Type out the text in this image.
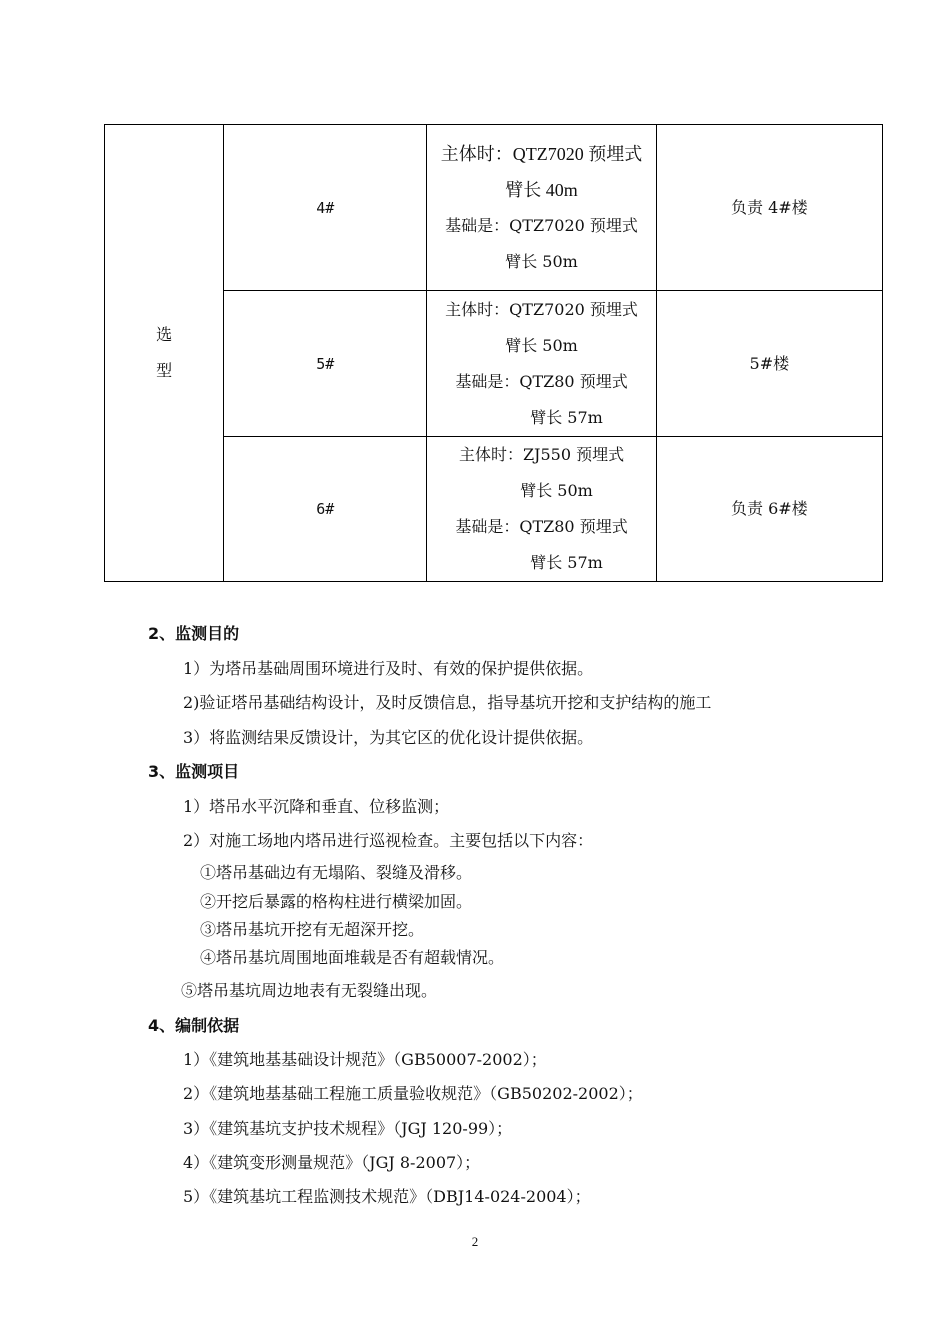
选
型	4#	主体时：QTZ7020 预埋式
臂长 40m
基础是：QTZ7020 预埋式
臂长 50m	负责 4#楼
	5#	主体时：QTZ7020 预埋式
臂长 50m
基础是：QTZ80 预埋式
臂长 57m	5#楼
	6#	主体时：ZJ550 预埋式
臂长 50m
基础是：QTZ80 预埋式
臂长 57m	负责 6#楼
2、监测目的
1）为塔吊基础周围环境进行及时、有效的保护提供依据。
2)验证塔吊基础结构设计，及时反馈信息，指导基坑开挖和支护结构的施工
3）将监测结果反馈设计，为其它区的优化设计提供依据。
3、监测项目
1）塔吊水平沉降和垂直、位移监测；
2）对施工场地内塔吊进行巡视检查。主要包括以下内容：
①塔吊基础边有无塌陷、裂缝及滑移。
②开挖后暴露的格构柱进行横梁加固。
③塔吊基坑开挖有无超深开挖。
④塔吊基坑周围地面堆载是否有超载情况。
⑤塔吊基坑周边地表有无裂缝出现。
4、编制依据
1）《建筑地基基础设计规范》（GB50007-2002）；
2）《建筑地基基础工程施工质量验收规范》（GB50202-2002）；
3）《建筑基坑支护技术规程》（JGJ 120-99）；
4）《建筑变形测量规范》（JGJ 8-2007）；
5）《建筑基坑工程监测技术规范》（DBJ14-024-2004）；
2
